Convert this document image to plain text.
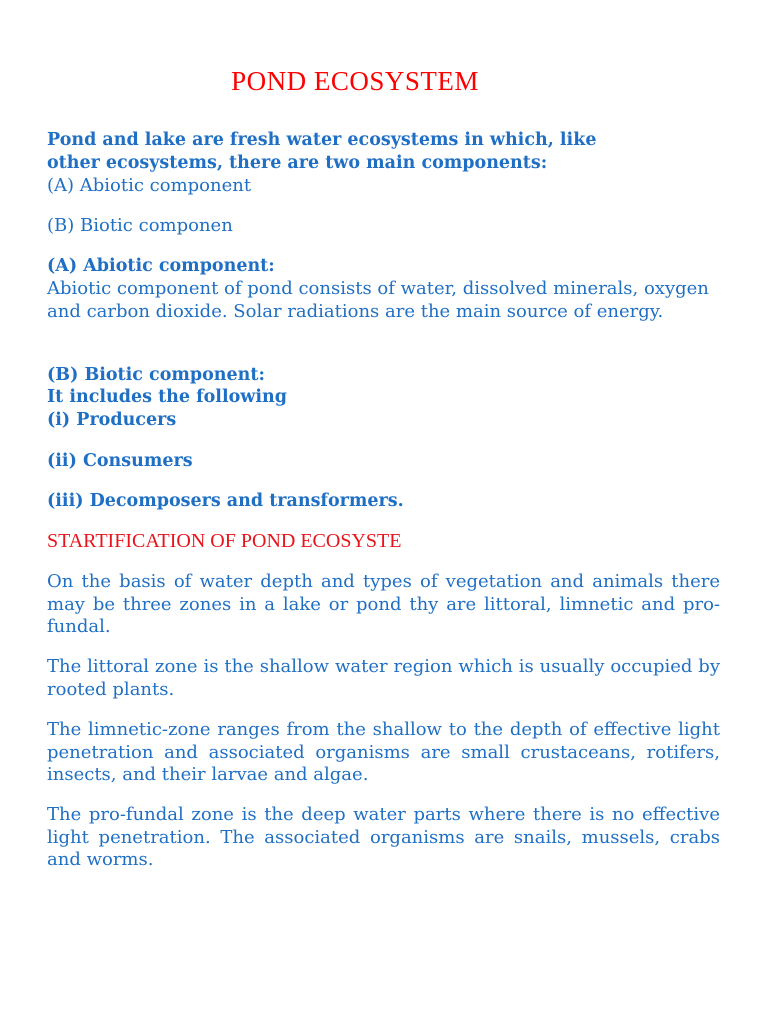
POND ECOSYSTEM
Pond and lake are fresh water ecosystems in which, like
other ecosystems, there are two main components:
(A) Abiotic component
(B) Biotic componen
(A) Abiotic component:
Abiotic component of pond consists of water, dissolved minerals, oxygen and carbon dioxide. Solar radiations are the main source of energy.
(B) Biotic component:
It includes the following
(i) Producers
(ii) Consumers
(iii) Decomposers and transformers.
STARTIFICATION OF POND ECOSYSTE
On the basis of water depth and types of vegetation and animals there may be three zones in a lake or pond thy are littoral, limnetic and pro-fundal.
The littoral zone is the shallow water region which is usually occupied by rooted plants.
The limnetic-zone ranges from the shallow to the depth of effective light penetration and associated organisms are small crustaceans, rotifers, insects, and their larvae and algae.
The pro-fundal zone is the deep water parts where there is no effective light penetration. The associated organisms are snails, mussels, crabs and worms.
